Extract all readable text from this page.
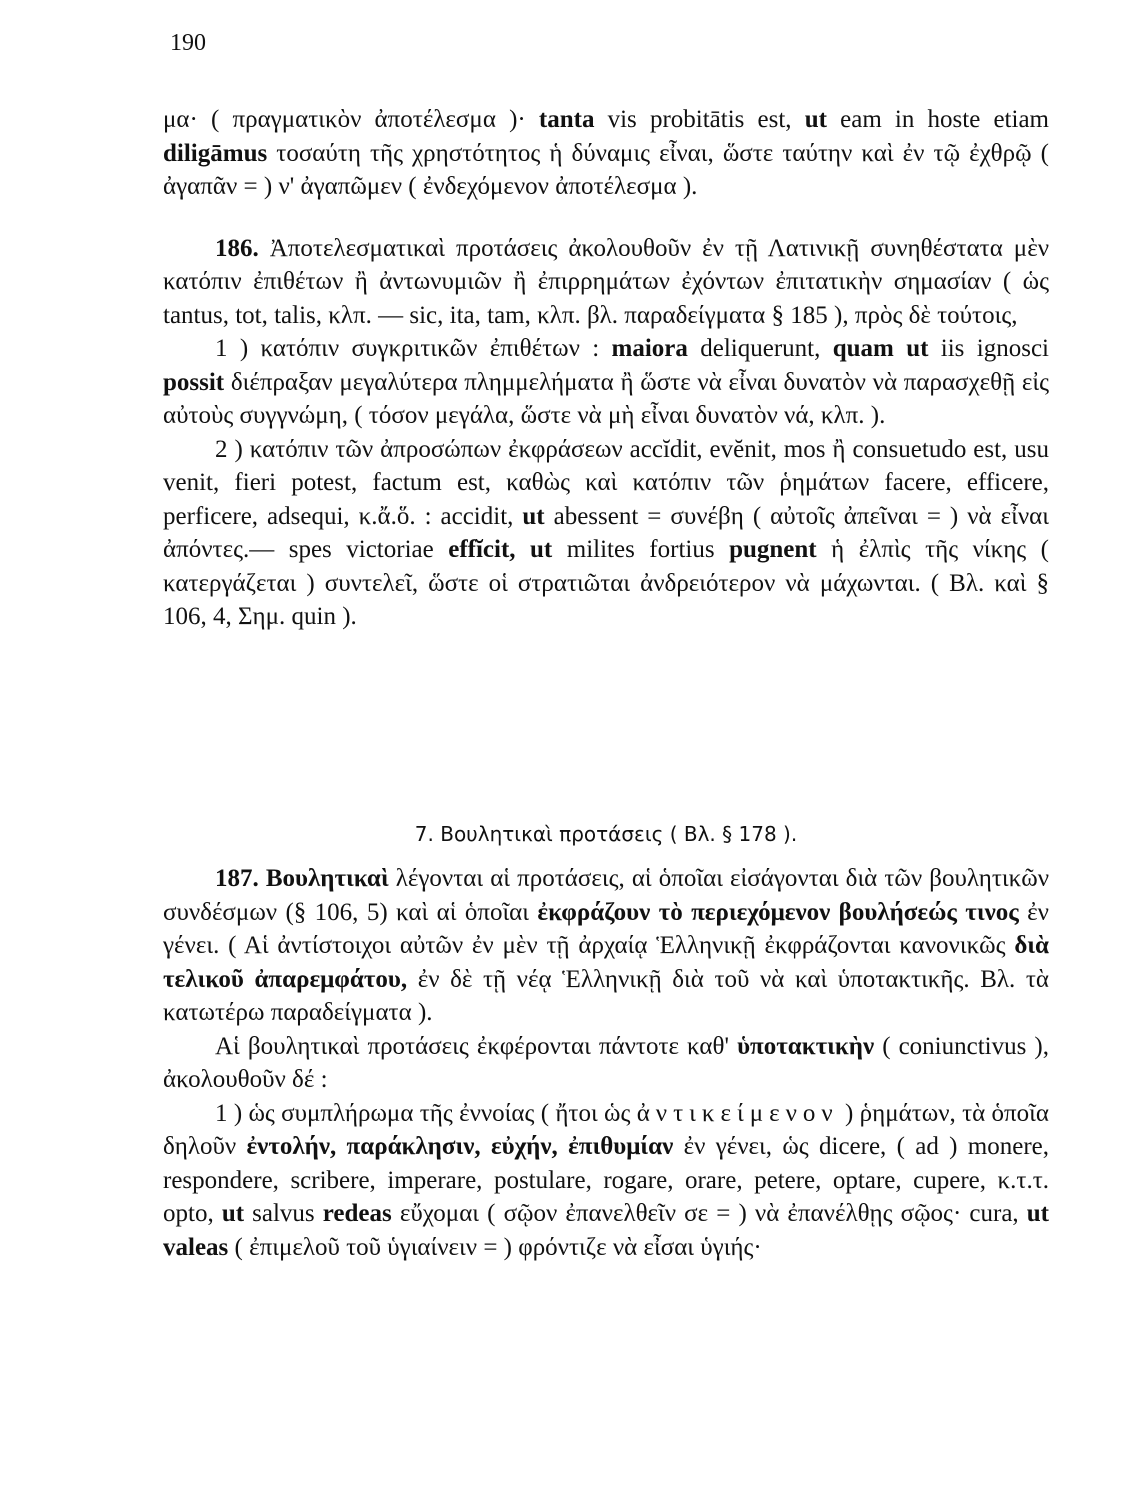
190

μα· ( πραγματικὸν ἀποτέλεσμα )· tanta vis probitātis est, ut eam in hoste etiam diligāmus τοσαύτη τῆς χρηστότητος ἡ δύναμις εἶναι, ὥστε ταύτην καὶ ἐν τῷ ἐχθρῷ ( ἀγαπᾶν = ) ν' ἀγαπῶμεν ( ἐνδεχόμενον ἀποτέλεσμα ).

186. Ἀποτελεσματικαὶ προτάσεις ἀκολουθοῦν ἐν τῇ Λατινικῇ συνηθέστατα μὲν κατόπιν ἐπιθέτων ἢ ἀντωνυμιῶν ἢ ἐπιρρημάτων ἐχόντων ἐπιτατικὴν σημασίαν ( ὡς tantus, tot, talis, κλπ. — sic, ita, tam, κλπ. βλ. παραδείγματα § 185 ), πρὸς δὲ τούτοις,

1 ) κατόπιν συγκριτικῶν ἐπιθέτων : maiora deliquerunt, quam ut iis ignosci possit διέπραξαν μεγαλύτερα πλημμελήματα ἢ ὥστε νὰ εἶναι δυνατὸν νὰ παρασχεθῇ εἰς αὐτοὺς συγγνώμη, ( τόσον μεγάλα, ὥστε νὰ μὴ εἶναι δυνατὸν νά, κλπ. ).

2 ) κατόπιν τῶν ἀπροσώπων ἐκφράσεων accĭdit, evĕnit, mos ἢ consuetudo est, usu venit, fieri potest, factum est, καθὼς καὶ κατόπιν τῶν ῥημάτων facere, efficere, perficere, adsequi, κ.ἄ.ὅ. : accidit, ut abessent = συνέβη ( αὐτοῖς ἀπεῖναι = ) νὰ εἶναι ἀπόντες.— spes victoriae effĭcit, ut milites fortius pugnent ἡ ἐλπὶς τῆς νίκης ( κατεργάζεται ) συντελεῖ, ὥστε οἱ στρατιῶται ἀνδρειότερον νὰ μάχωνται. ( Βλ. καὶ § 106, 4, Σημ. quin ).

7. Βουλητικαὶ προτάσεις ( Βλ. § 178 ).

187. Βουλητικαὶ λέγονται αἱ προτάσεις, αἱ ὁποῖαι εἰσάγονται διὰ τῶν βουλητικῶν συνδέσμων (§ 106, 5) καὶ αἱ ὁποῖαι ἐκφράζουν τὸ περιεχόμενον βουλήσεώς τινος ἐν γένει. ( Αἱ ἀντίστοιχοι αὐτῶν ἐν μὲν τῇ ἀρχαίᾳ Ἑλληνικῇ ἐκφράζονται κανονικῶς διὰ τελικοῦ ἀπαρεμφάτου, ἐν δὲ τῇ νέᾳ Ἑλληνικῇ διὰ τοῦ νὰ καὶ ὑποτακτικῆς. Βλ. τὰ κατωτέρω παραδείγματα ).

Αἱ βουλητικαὶ προτάσεις ἐκφέρονται πάντοτε καθ' ὑποτακτικὴν ( coniunctivus ), ἀκολουθοῦν δέ :

1 ) ὡς συμπλήρωμα τῆς ἐννοίας ( ἤτοι ὡς ἀντικείμενον ) ῥημάτων, τὰ ὁποῖα δηλοῦν ἐντολήν, παράκλησιν, εὐχήν, ἐπιθυμίαν ἐν γένει, ὡς dicere, ( ad ) monere, respondere, scribere, imperare, postulare, rogare, orare, petere, optare, cupere, κ.τ.τ. opto, ut salvus redeas εὔχομαι ( σῷον ἐπανελθεῖν σε = ) νὰ ἐπανέλθῃς σῷος· cura, ut valeas ( ἐπιμελοῦ τοῦ ὑγιαίνειν = ) φρόντιζε νὰ εἶσαι ὑγιής·
